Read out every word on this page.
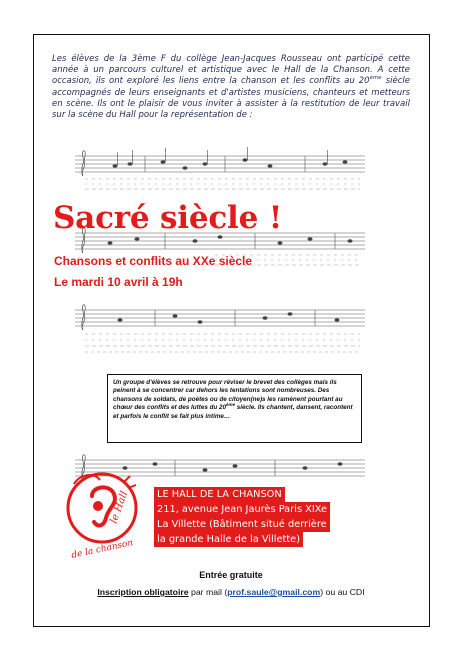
Les élèves de la 3ème F du collège Jean-Jacques Rousseau ont participé cette année à un parcours culturel et artistique avec le Hall de la Chanson. A cette occasion, ils ont exploré les liens entre la chanson et les conflits au 20ème siècle accompagnés de leurs enseignants et d'artistes musiciens, chanteurs et metteurs en scène. Ils ont le plaisir de vous inviter à assister à la restitution de leur travail sur la scène du Hall pour la représentation de :

Sacré siècle !
Chansons et conflits au XXe siècle
Le mardi 10 avril à 19h

Un groupe d'élèves se retrouve pour réviser le brevet des collèges mais ils peinent à se concentrer car dehors les tentations sont nombreuses. Des chansons de soldats, de poètes ou de citoyen(ne)s les ramènent pourtant au chœur des conflits et des luttes du 20ème siècle. Ils chantent, dansent, racontent et parfois le conflit se fait plus intime…

le Hall
de la chanson
LE HALL DE LA CHANSON
211, avenue Jean Jaurès Paris XIXe
La Villette (Bâtiment situé derrière
la grande Halle de la Villette)
Entrée gratuite
Inscription obligatoire par mail (prof.saule@gmail.com) ou au CDI
